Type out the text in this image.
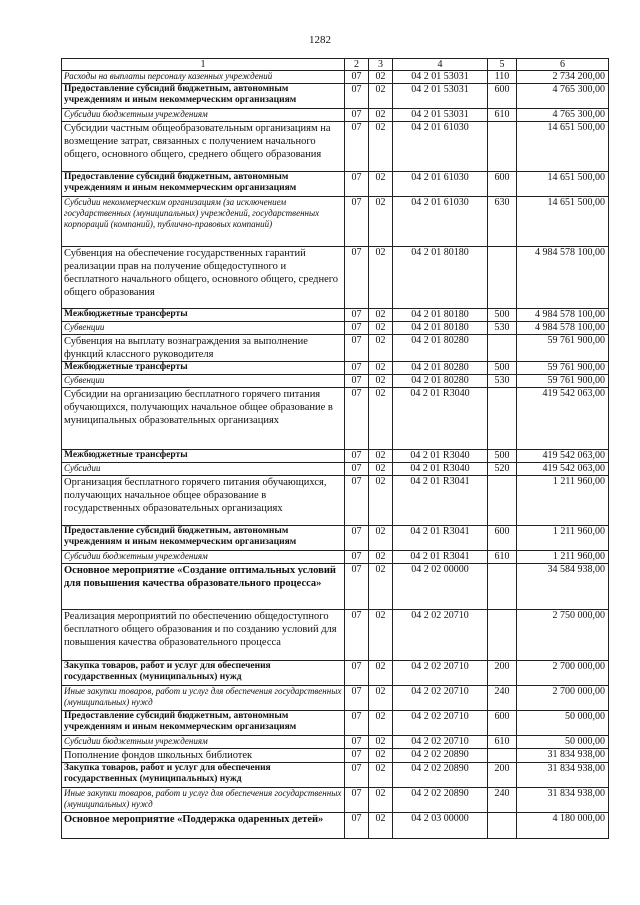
1282
1	2	3	4	5	6
Расходы на выплаты персоналу казенных учреждений	07	02	04 2 01 53031	110	2 734 200,00
Предоставление субсидий бюджетным, автономным учреждениям и иным некоммерческим организациям	07	02	04 2 01 53031	600	4 765 300,00
Субсидии бюджетным учреждениям	07	02	04 2 01 53031	610	4 765 300,00
Субсидии частным общеобразовательным организациям на возмещение затрат, связанных с получением начального общего, основного общего, среднего общего образования	07	02	04 2 01 61030		14 651 500,00
Предоставление субсидий бюджетным, автономным учреждениям и иным некоммерческим организациям	07	02	04 2 01 61030	600	14 651 500,00
Субсидии некоммерческим организациям (за исключением государственных (муниципальных) учреждений, государственных корпораций (компаний), публично-правовых компаний)	07	02	04 2 01 61030	630	14 651 500,00
Субвенция на обеспечение государственных гарантий реализации прав на получение общедоступного и бесплатного начального общего, основного общего, среднего общего образования	07	02	04 2 01 80180		4 984 578 100,00
Межбюджетные трансферты	07	02	04 2 01 80180	500	4 984 578 100,00
Субвенции	07	02	04 2 01 80180	530	4 984 578 100,00
Субвенция на выплату вознаграждения за выполнение функций классного руководителя	07	02	04 2 01 80280		59 761 900,00
Межбюджетные трансферты	07	02	04 2 01 80280	500	59 761 900,00
Субвенции	07	02	04 2 01 80280	530	59 761 900,00
Субсидии на организацию бесплатного горячего питания обучающихся, получающих начальное общее образование в муниципальных образовательных организациях	07	02	04 2 01 R3040		419 542 063,00
Межбюджетные трансферты	07	02	04 2 01 R3040	500	419 542 063,00
Субсидии	07	02	04 2 01 R3040	520	419 542 063,00
Организация бесплатного горячего питания обучающихся, получающих начальное общее образование в государственных образовательных организациях	07	02	04 2 01 R3041		1 211 960,00
Предоставление субсидий бюджетным, автономным учреждениям и иным некоммерческим организациям	07	02	04 2 01 R3041	600	1 211 960,00
Субсидии бюджетным учреждениям	07	02	04 2 01 R3041	610	1 211 960,00
Основное мероприятие «Создание оптимальных условий для повышения качества образовательного процесса»	07	02	04 2 02 00000		34 584 938,00
Реализация мероприятий по обеспечению общедоступного бесплатного общего образования и по созданию условий для повышения качества образовательного процесса	07	02	04 2 02 20710		2 750 000,00
Закупка товаров, работ и услуг для обеспечения государственных (муниципальных) нужд	07	02	04 2 02 20710	200	2 700 000,00
Иные закупки товаров, работ и услуг для обеспечения государственных (муниципальных) нужд	07	02	04 2 02 20710	240	2 700 000,00
Предоставление субсидий бюджетным, автономным учреждениям и иным некоммерческим организациям	07	02	04 2 02 20710	600	50 000,00
Субсидии бюджетным учреждениям	07	02	04 2 02 20710	610	50 000,00
Пополнение фондов школьных библиотек	07	02	04 2 02 20890		31 834 938,00
Закупка товаров, работ и услуг для обеспечения государственных (муниципальных) нужд	07	02	04 2 02 20890	200	31 834 938,00
Иные закупки товаров, работ и услуг для обеспечения государственных (муниципальных) нужд	07	02	04 2 02 20890	240	31 834 938,00
Основное мероприятие «Поддержка одаренных детей»	07	02	04 2 03 00000		4 180 000,00
